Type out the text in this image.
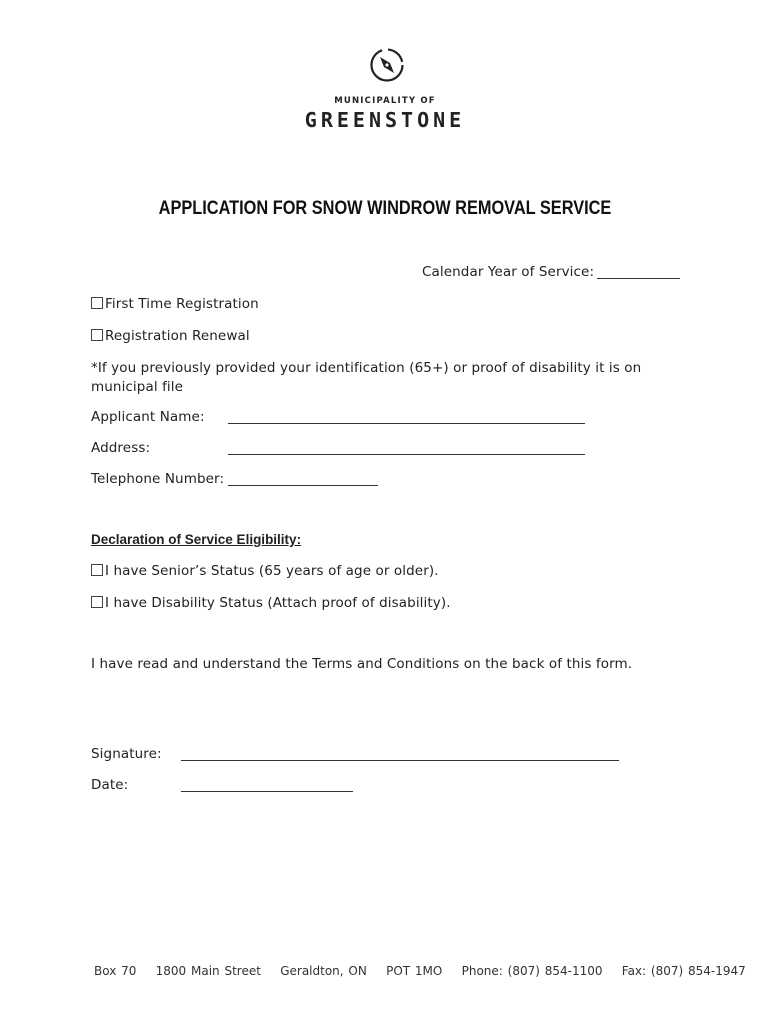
MUNICIPALITY OF
GREENSTONE
APPLICATION FOR SNOW WINDROW REMOVAL SERVICE
Calendar Year of Service:
First Time Registration
Registration Renewal
*If you previously provided your identification (65+) or proof of disability it is on
municipal file
Applicant Name:
Address:
Telephone Number:
Declaration of Service Eligibility:
I have Senior’s Status (65 years of age or older).
I have Disability Status (Attach proof of disability).
I have read and understand the Terms and Conditions on the back of this form.
Signature:
Date:
Box 70 1800 Main Street Geraldton, ON POT 1MO Phone: (807) 854-1100 Fax: (807) 854-1947
